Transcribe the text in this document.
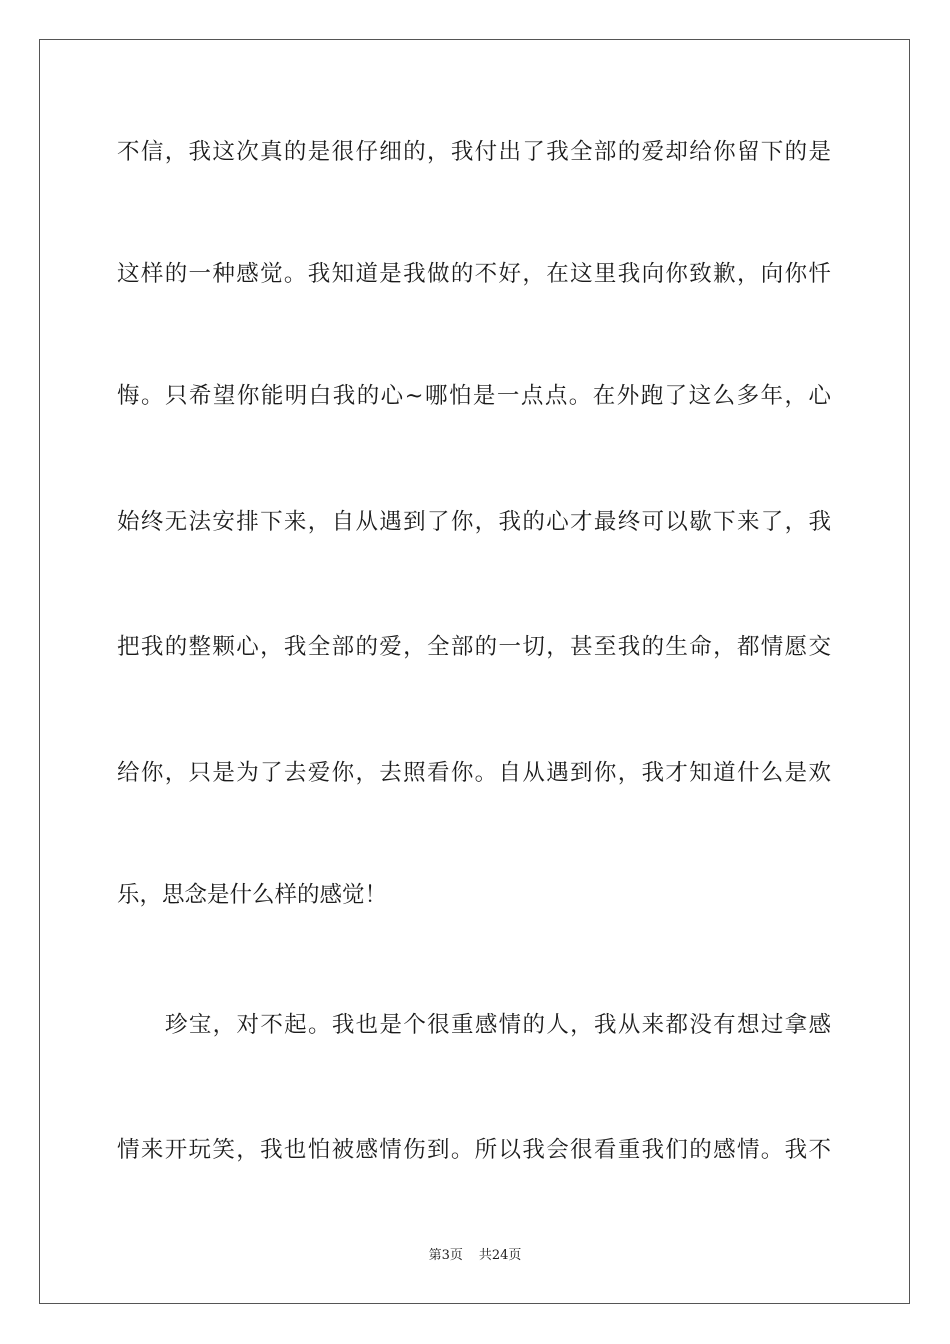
不信，我这次真的是很仔细的，我付出了我全部的爱却给你留下的是
这样的一种感觉。我知道是我做的不好，在这里我向你致歉，向你忏
悔。只希望你能明白我的心~哪怕是一点点。在外跑了这么多年，心
始终无法安排下来，自从遇到了你，我的心才最终可以歇下来了，我
把我的整颗心，我全部的爱，全部的一切，甚至我的生命，都情愿交
给你，只是为了去爱你，去照看你。自从遇到你，我才知道什么是欢
乐，思念是什么样的感觉！
珍宝，对不起。我也是个很重感情的人，我从来都没有想过拿感
情来开玩笑，我也怕被感情伤到。所以我会很看重我们的感情。我不
第3页 共24页
